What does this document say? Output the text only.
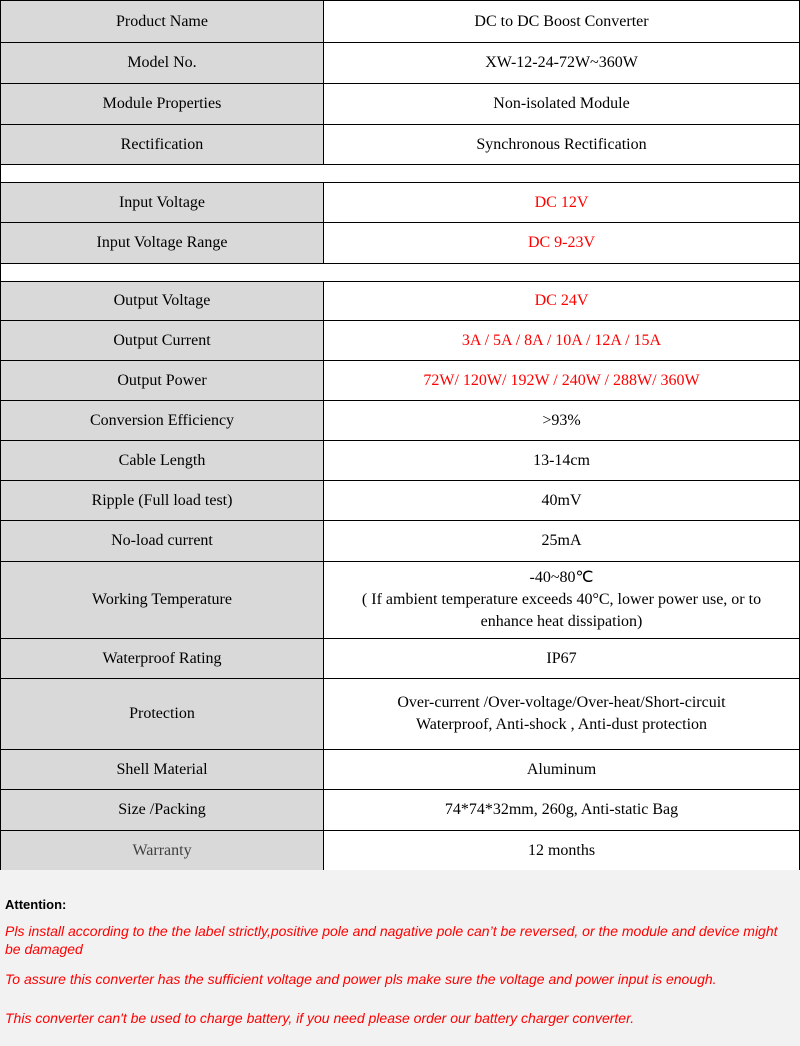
Product Name	DC to DC Boost Converter
Model No.	XW-12-24-72W~360W
Module Properties	Non-isolated Module
Rectification	Synchronous Rectification

Input Voltage	DC 12V
Input Voltage Range	DC 9-23V

Output Voltage	DC 24V
Output Current	3A / 5A / 8A / 10A / 12A / 15A
Output Power	72W/ 120W/ 192W / 240W / 288W/ 360W
Conversion Efficiency	>93%
Cable Length	13-14cm
Ripple (Full load test)	40mV
No-load current	25mA
Working Temperature	-40~80℃
( If ambient temperature exceeds 40°C, lower power use, or to
enhance heat dissipation)

Waterproof Rating	IP67
Protection	Over-current /Over-voltage/Over-heat/Short-circuit
Waterproof, Anti-shock , Anti-dust protection

Shell Material	Aluminum
Size /Packing	74*74*32mm, 260g, Anti-static Bag
Warranty	12 months

Attention:

Pls install according to the the label strictly,positive pole and nagative pole can’t be reversed, or the module and device might be damaged

To assure this converter has the sufficient voltage and power pls make sure the voltage and power input is enough.

This converter can't be used to charge battery, if you need please order our battery charger converter.
